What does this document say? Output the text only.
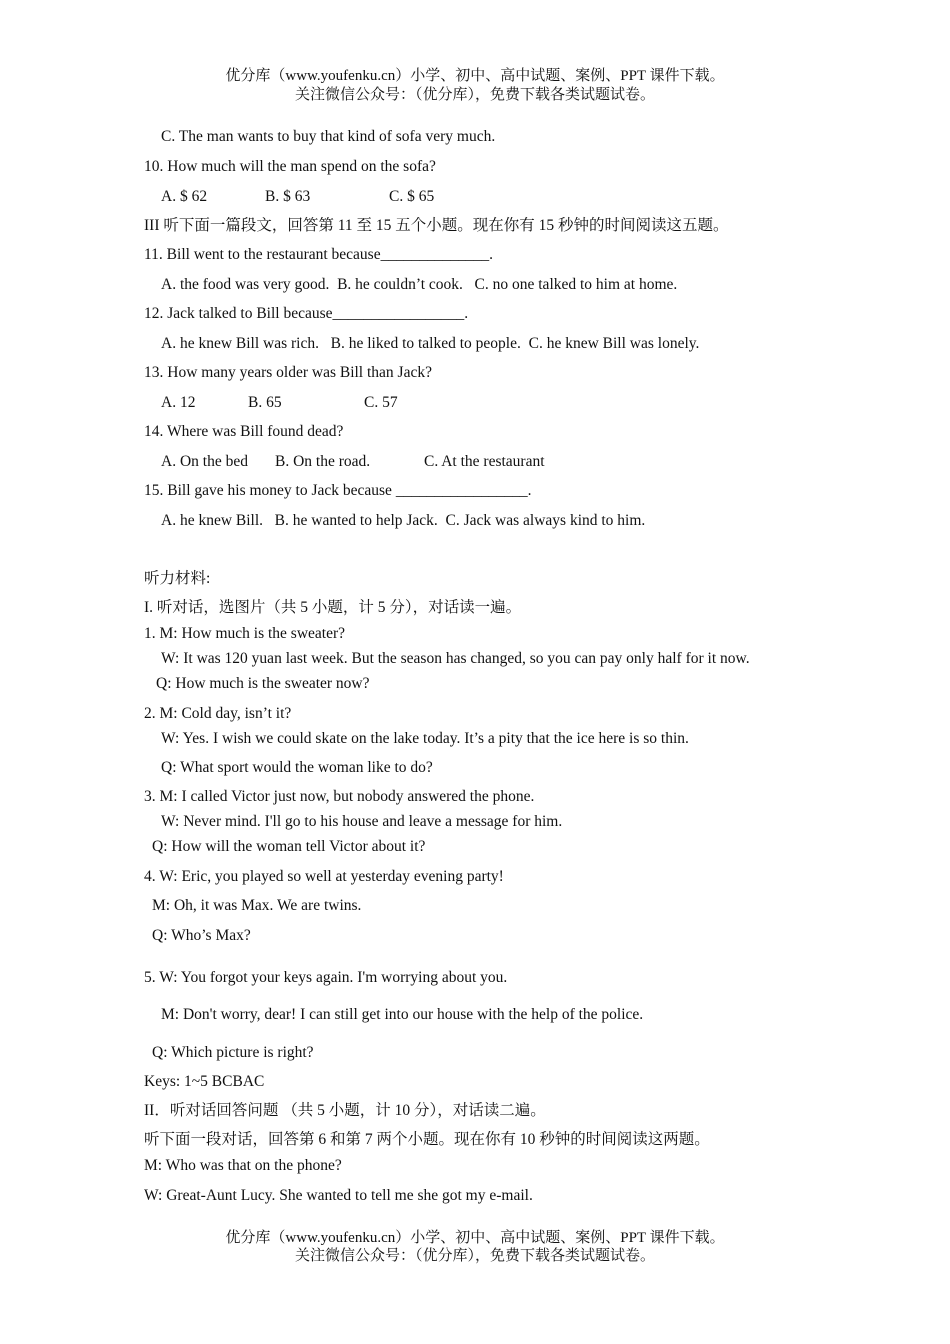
优分库（www.youfenku.cn）小学、初中、高中试题、案例、PPT 课件下载。
关注微信公众号：（优分库），免费下载各类试题试卷。
C. The man wants to buy that kind of sofa very much.
10. How much will the man spend on the sofa?
A. $ 62	B. $ 63	C. $ 65
III 听下面一篇段文，回答第 11 至 15 五个小题。现在你有 15 秒钟的时间阅读这五题。
11. Bill went to the restaurant because______________.
A. the food was very good.  B. he couldn’t cook.   C. no one talked to him at home.
12. Jack talked to Bill because_________________.
A. he knew Bill was rich.   B. he liked to talked to people.  C. he knew Bill was lonely.
13. How many years older was Bill than Jack?
A. 12	B. 65	C. 57
14. Where was Bill found dead?
A. On the bed B. On the road.	C. At the restaurant
15. Bill gave his money to Jack because _________________.
A. he knew Bill.   B. he wanted to help Jack.  C. Jack was always kind to him.
听力材料:
I. 听对话，选图片（共 5 小题，计 5 分），对话读一遍。
1. M: How much is the sweater?
W: It was 120 yuan last week. But the season has changed, so you can pay only half for it now.
Q: How much is the sweater now?
2. M: Cold day, isn’t it?
W: Yes. I wish we could skate on the lake today. It’s a pity that the ice here is so thin.
Q: What sport would the woman like to do?
3. M: I called Victor just now, but nobody answered the phone.
W: Never mind. I'll go to his house and leave a message for him.
Q: How will the woman tell Victor about it?
4. W: Eric, you played so well at yesterday evening party!
M: Oh, it was Max. We are twins.
Q: Who’s Max?
5. W: You forgot your keys again. I'm worrying about you.
M: Don't worry, dear! I can still get into our house with the help of the police.
Q: Which picture is right?
Keys: 1~5 BCBAC
II．听对话回答问题 （共 5 小题，计 10 分），对话读二遍。
听下面一段对话，回答第 6 和第 7 两个小题。现在你有 10 秒钟的时间阅读这两题。
M: Who was that on the phone?
W: Great-Aunt Lucy. She wanted to tell me she got my e-mail.
优分库（www.youfenku.cn）小学、初中、高中试题、案例、PPT 课件下载。
关注微信公众号：（优分库），免费下载各类试题试卷。
